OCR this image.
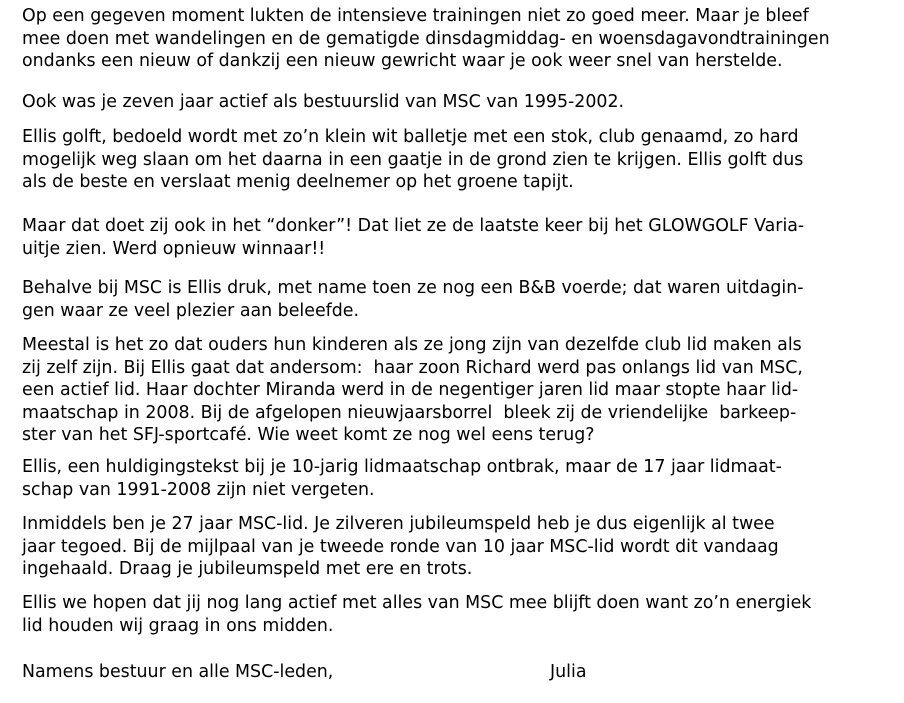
Op een gegeven moment lukten de intensieve trainingen niet zo goed meer. Maar je bleef
mee doen met wandelingen en de gematigde dinsdagmiddag- en woensdagavondtrainingen
ondanks een nieuw of dankzij een nieuw gewricht waar je ook weer snel van herstelde.
Ook was je zeven jaar actief als bestuurslid van MSC van 1995-2002.
Ellis golft, bedoeld wordt met zo’n klein wit balletje met een stok, club genaamd, zo hard
mogelijk weg slaan om het daarna in een gaatje in de grond zien te krijgen. Ellis golft dus
als de beste en verslaat menig deelnemer op het groene tapijt.
Maar dat doet zij ook in het “donker”! Dat liet ze de laatste keer bij het GLOWGOLF Varia-
uitje zien. Werd opnieuw winnaar!!
Behalve bij MSC is Ellis druk, met name toen ze nog een B&B voerde; dat waren uitdagin-
gen waar ze veel plezier aan beleefde.
Meestal is het zo dat ouders hun kinderen als ze jong zijn van dezelfde club lid maken als
zij zelf zijn. Bij Ellis gaat dat andersom:  haar zoon Richard werd pas onlangs lid van MSC,
een actief lid. Haar dochter Miranda werd in de negentiger jaren lid maar stopte haar lid-
maatschap in 2008. Bij de afgelopen nieuwjaarsborrel  bleek zij de vriendelijke  barkeep-
ster van het SFJ-sportcafé. Wie weet komt ze nog wel eens terug?
Ellis, een huldigingstekst bij je 10-jarig lidmaatschap ontbrak, maar de 17 jaar lidmaat-
schap van 1991-2008 zijn niet vergeten.
Inmiddels ben je 27 jaar MSC-lid. Je zilveren jubileumspeld heb je dus eigenlijk al twee
jaar tegoed. Bij de mijlpaal van je tweede ronde van 10 jaar MSC-lid wordt dit vandaag
ingehaald. Draag je jubileumspeld met ere en trots.
Ellis we hopen dat jij nog lang actief met alles van MSC mee blijft doen want zo’n energiek
lid houden wij graag in ons midden.
Namens bestuur en alle MSC-leden,	Julia
